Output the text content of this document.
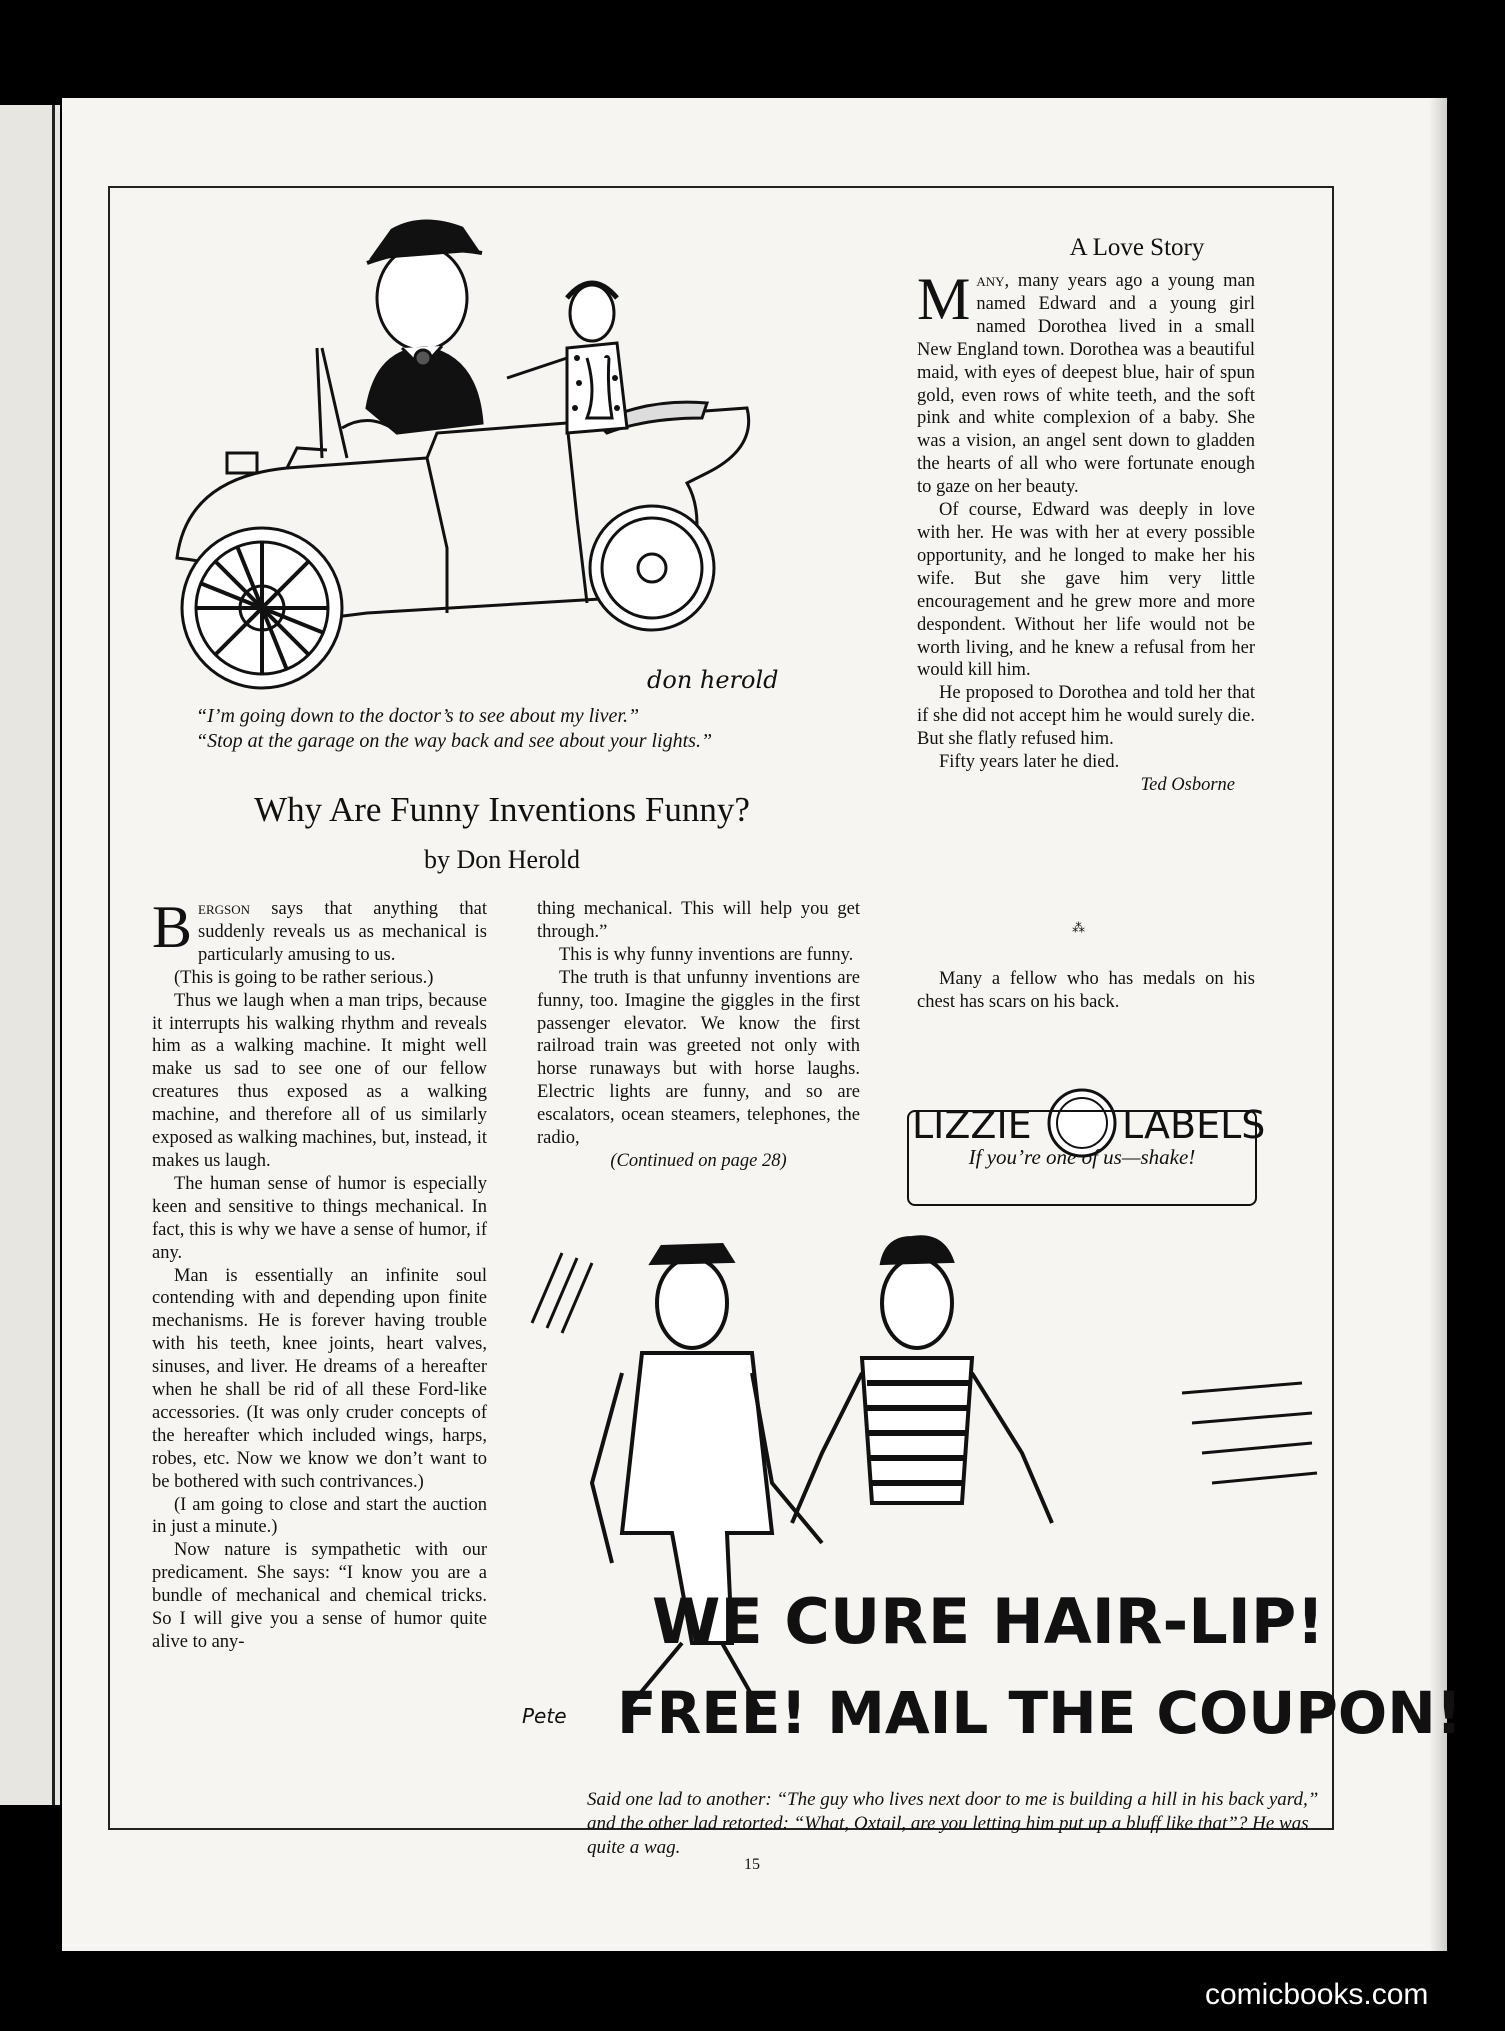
don herold
“I’m going down to the doctor’s to see about my liver.”
“Stop at the garage on the way back and see about your lights.”
Why Are Funny Inventions Funny?
by Don Herold

Bergson says that anything that suddenly reveals us as mechanical is particularly amusing to us.

(This is going to be rather serious.)

Thus we laugh when a man trips, because it interrupts his walking rhythm and reveals him as a walking machine. It might well make us sad to see one of our fellow creatures thus exposed as a walking machine, and therefore all of us similarly exposed as walking machines, but, instead, it makes us laugh.

The human sense of humor is especially keen and sensitive to things mechanical. In fact, this is why we have a sense of humor, if any.

Man is essentially an infinite soul contending with and depending upon finite mechanisms. He is forever having trouble with his teeth, knee joints, heart valves, sinuses, and liver. He dreams of a hereafter when he shall be rid of all these Ford-like accessories. (It was only cruder concepts of the hereafter which included wings, harps, robes, etc. Now we know we don’t want to be bothered with such contrivances.)

(I am going to close and start the auction in just a minute.)

Now nature is sympathetic with our predicament. She says: “I know you are a bundle of mechanical and chemical tricks. So I will give you a sense of humor quite alive to any-

thing mechanical. This will help you get through.”

This is why funny inventions are funny.

The truth is that unfunny inventions are funny, too. Imagine the giggles in the first passenger elevator. We know the first railroad train was greeted not only with horse runaways but with horse laughs. Electric lights are funny, and so are escalators, ocean steamers, telephones, the radio,

(Continued on page 28)

A Love Story

Many, many years ago a young man named Edward and a young girl named Dorothea lived in a small New England town. Dorothea was a beautiful maid, with eyes of deepest blue, hair of spun gold, even rows of white teeth, and the soft pink and white complexion of a baby. She was a vision, an angel sent down to gladden the hearts of all who were fortunate enough to gaze on her beauty.

Of course, Edward was deeply in love with her. He was with her at every possible opportunity, and he longed to make her his wife. But she gave him very little encouragement and he grew more and more despondent. Without her life would not be worth living, and he knew a refusal from her would kill him.

He proposed to Dorothea and told her that if she did not accept him he would surely die. But she flatly refused him.

Fifty years later he died.

Ted Osborne

⁂

Many a fellow who has medals on his chest has scars on his back.

LIZZIE LABELS
If you’re one of us—shake!
WE CURE HAIR-LIP!
FREE! MAIL THE COUPON!
Pete
Said one lad to another: “The guy who lives next door to me is building a hill in his back yard,” and the other lad retorted: “What, Oxtail, are you letting him put up a bluff like that”? He was quite a wag.
15
comicbooks.com
